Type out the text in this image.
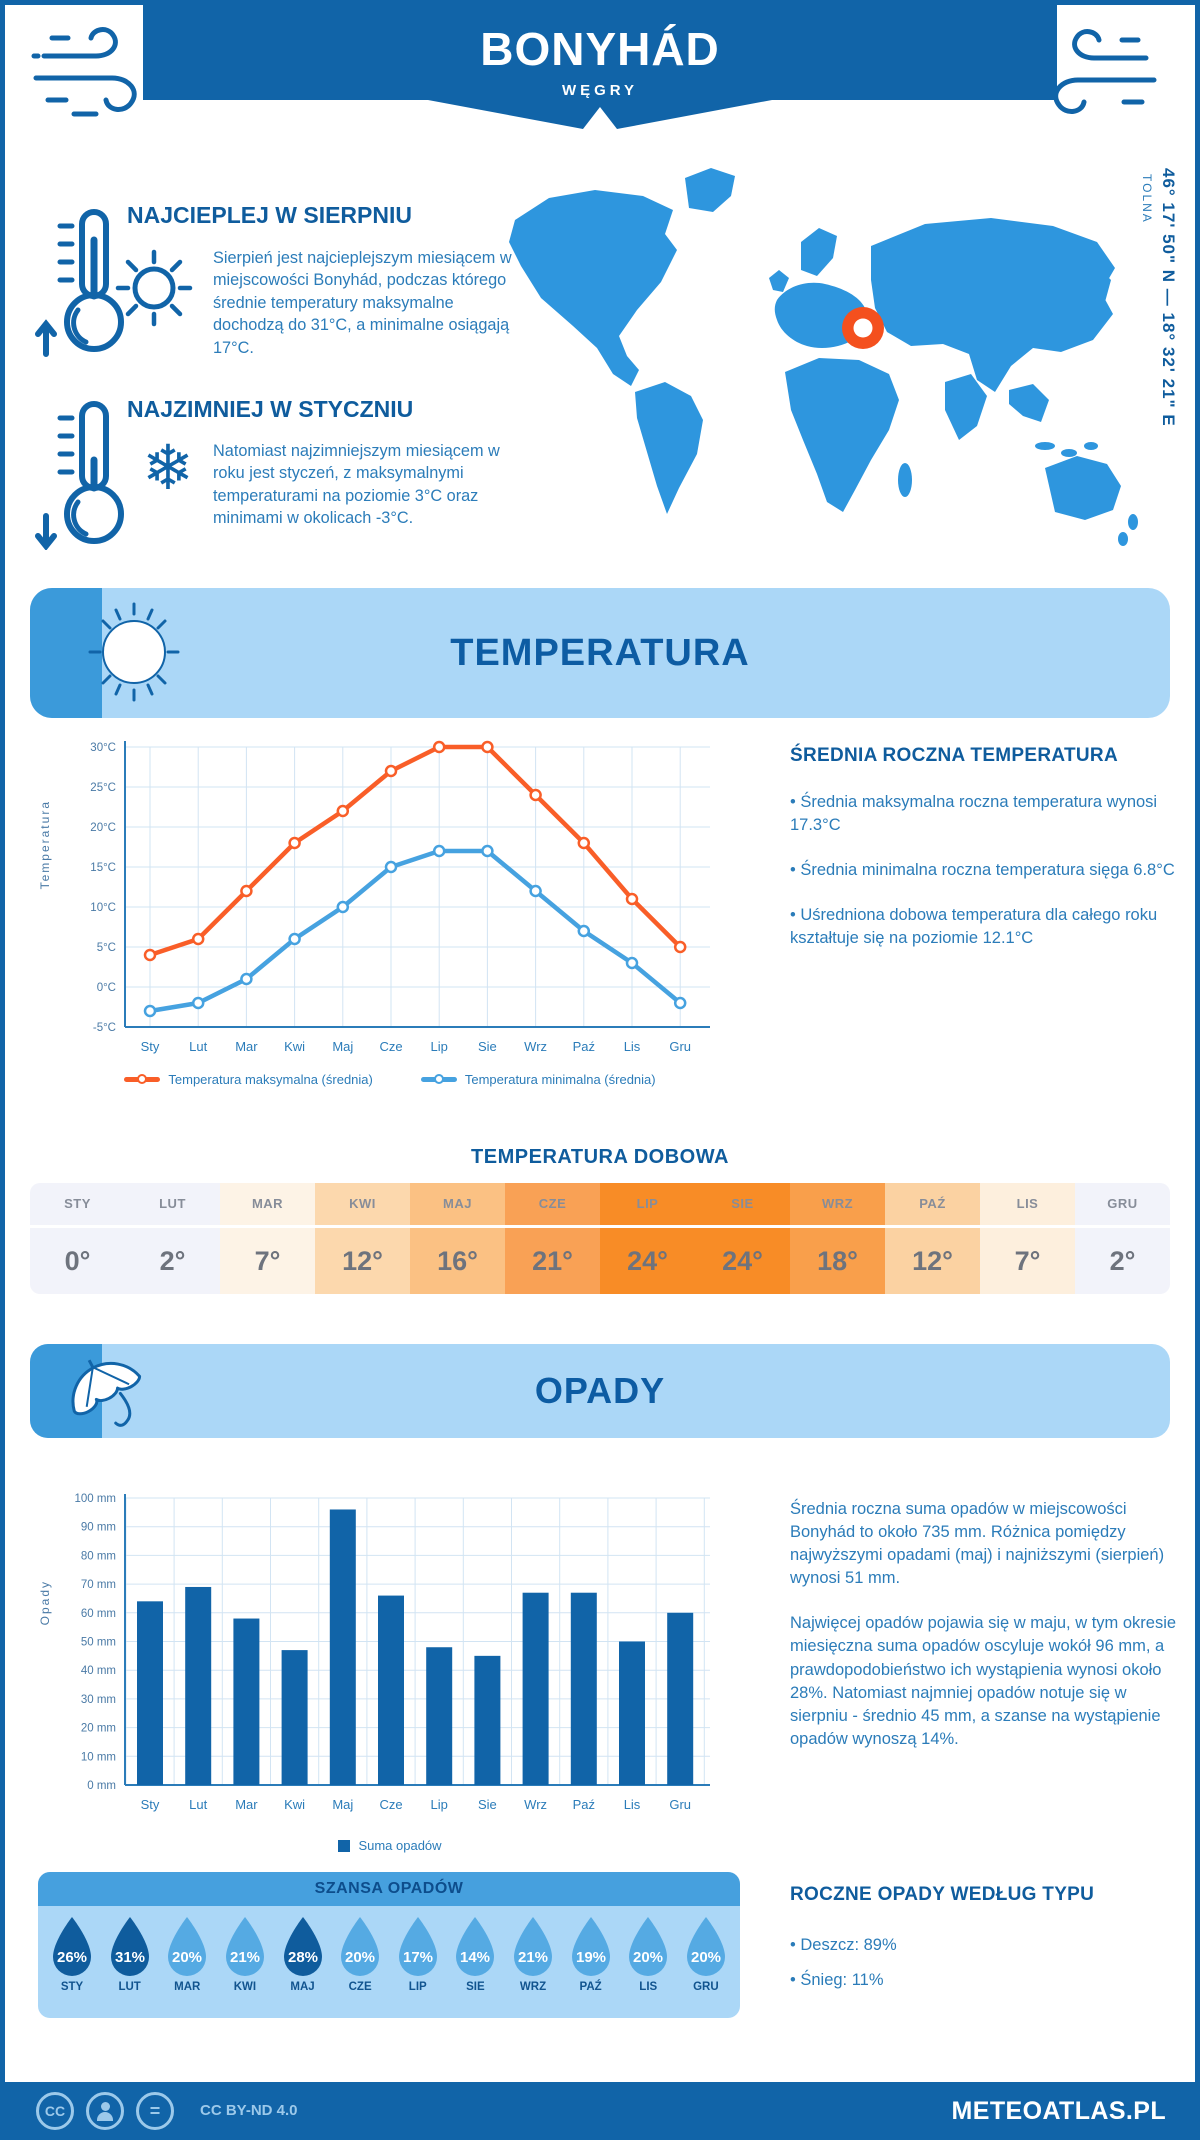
BONYHÁD
WĘGRY
NAJCIEPLEJ W SIERPNIU
Sierpień jest najcieplejszym miesiącem w miejscowości Bonyhád, podczas którego średnie temperatury maksymalne dochodzą do 31°C, a minimalne osiągają 17°C.
❄
NAJZIMNIEJ W STYCZNIU
Natomiast najzimniejszym miesiącem w roku jest styczeń, z maksymalnymi temperaturami na poziomie 3°C oraz minimami w okolicach -3°C.
TOLNA 46° 17' 50" N — 18° 32' 21" E
TEMPERATURA
-5°C
0°C
5°C
10°C
15°C
20°C
25°C
30°C
Sty Lut Mar Kwi Maj Cze Lip Sie Wrz Paź Lis Gru
Temperatura
Temperatura maksymalna (średnia)	Temperatura minimalna (średnia)
ŚREDNIA ROCZNA TEMPERATURA

• Średnia maksymalna roczna temperatura wynosi 17.3°C

• Średnia minimalna roczna temperatura sięga 6.8°C

• Uśredniona dobowa temperatura dla całego roku kształtuje się na poziomie 12.1°C

TEMPERATURA DOBOWA
STY	LUT	MAR	KWI	MAJ	CZE	LIP	SIE	WRZ	PAŹ	LIS	GRU
0°	2°	7°	12°	16°	21°	24°	24°	18°	12°	7°	2°
OPADY
0 mm
10 mm
20 mm
30 mm
40 mm
50 mm
60 mm
70 mm
80 mm
90 mm
100 mm
Sty Lut Mar Kwi Maj Cze Lip Sie Wrz Paź Lis Gru
Opady
Suma opadów

Średnia roczna suma opadów w miejscowości Bonyhád to około 735 mm. Różnica pomiędzy najwyższymi opadami (maj) i najniższymi (sierpień) wynosi 51 mm.

Najwięcej opadów pojawia się w maju, w tym okresie miesięczna suma opadów oscyluje wokół 96 mm, a prawdopodobieństwo ich wystąpienia wynosi około 28%. Natomiast najmniej opadów notuje się w sierpniu - średnio 45 mm, a szanse na wystąpienie opadów wynoszą 14%.

ROCZNE OPADY WEDŁUG TYPU

• Deszcz: 89%

• Śnieg: 11%

SZANSA OPADÓW
26%
STY
31%
LUT
20%
MAR
21%
KWI
28%
MAJ
20%
CZE
17%
LIP
14%
SIE
21%
WRZ
19%
PAŹ
20%
LIS
20%
GRU
CC	=	CC BY-ND 4.0	METEOATLAS.PL
